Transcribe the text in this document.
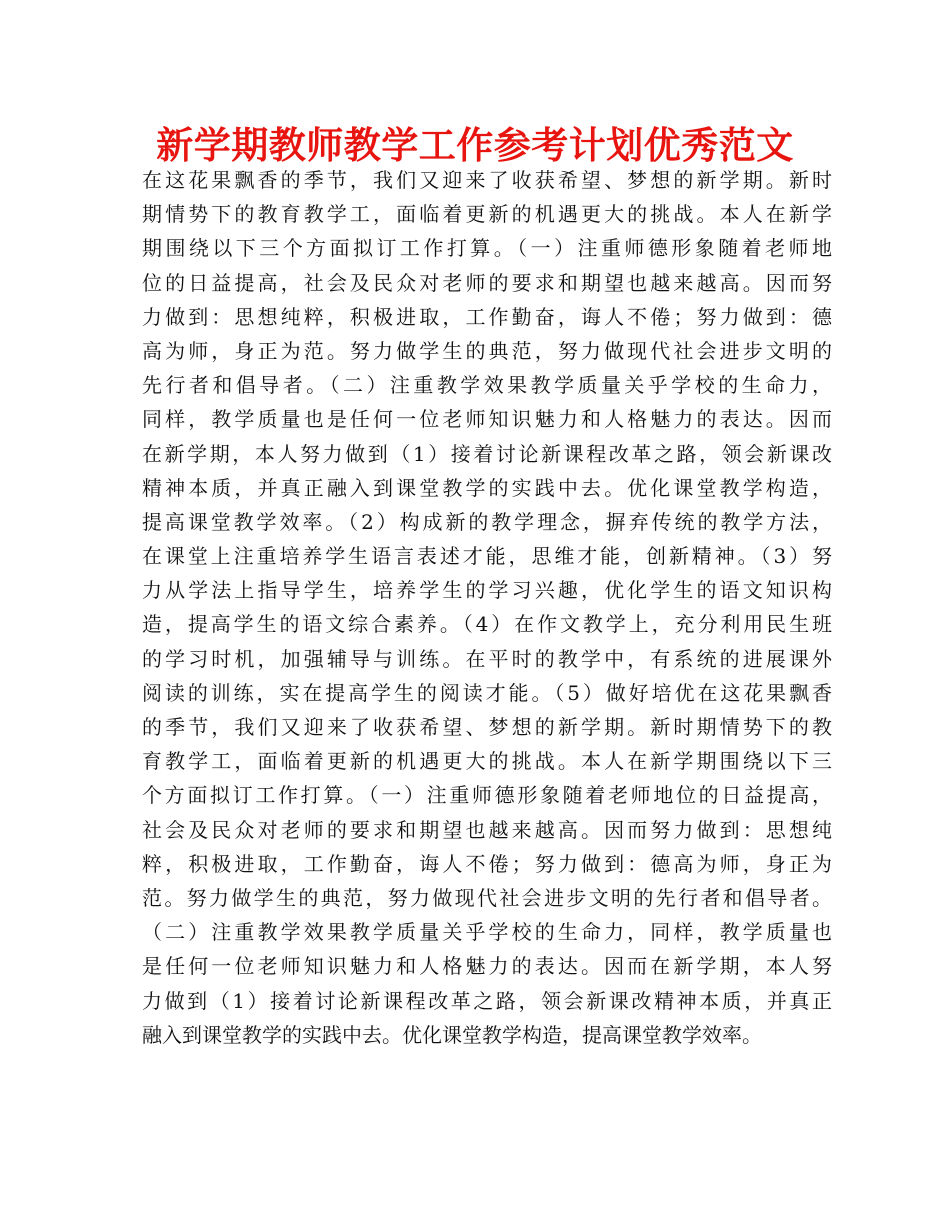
新学期教师教学工作参考计划优秀范文
在这花果飘香的季节，我们又迎来了收获希望、梦想的新学期。新时
期情势下的教育教学工，面临着更新的机遇更大的挑战。本人在新学
期围绕以下三个方面拟订工作打算。（一）注重师德形象随着老师地
位的日益提高，社会及民众对老师的要求和期望也越来越高。因而努
力做到：思想纯粹，积极进取，工作勤奋，诲人不倦；努力做到：德
高为师，身正为范。努力做学生的典范，努力做现代社会进步文明的
先行者和倡导者。（二）注重教学效果教学质量关乎学校的生命力，
同样，教学质量也是任何一位老师知识魅力和人格魅力的表达。因而
在新学期，本人努力做到（1）接着讨论新课程改革之路，领会新课改
精神本质，并真正融入到课堂教学的实践中去。优化课堂教学构造，
提高课堂教学效率。（2）构成新的教学理念，摒弃传统的教学方法，
在课堂上注重培养学生语言表述才能，思维才能，创新精神。（3）努
力从学法上指导学生，培养学生的学习兴趣，优化学生的语文知识构
造，提高学生的语文综合素养。（4）在作文教学上，充分利用民生班
的学习时机，加强辅导与训练。在平时的教学中，有系统的进展课外
阅读的训练，实在提高学生的阅读才能。（5）做好培优在这花果飘香
的季节，我们又迎来了收获希望、梦想的新学期。新时期情势下的教
育教学工，面临着更新的机遇更大的挑战。本人在新学期围绕以下三
个方面拟订工作打算。（一）注重师德形象随着老师地位的日益提高，
社会及民众对老师的要求和期望也越来越高。因而努力做到：思想纯
粹，积极进取，工作勤奋，诲人不倦；努力做到：德高为师，身正为
范。努力做学生的典范，努力做现代社会进步文明的先行者和倡导者。
（二）注重教学效果教学质量关乎学校的生命力，同样，教学质量也
是任何一位老师知识魅力和人格魅力的表达。因而在新学期，本人努
力做到（1）接着讨论新课程改革之路，领会新课改精神本质，并真正
融入到课堂教学的实践中去。优化课堂教学构造，提高课堂教学效率。
